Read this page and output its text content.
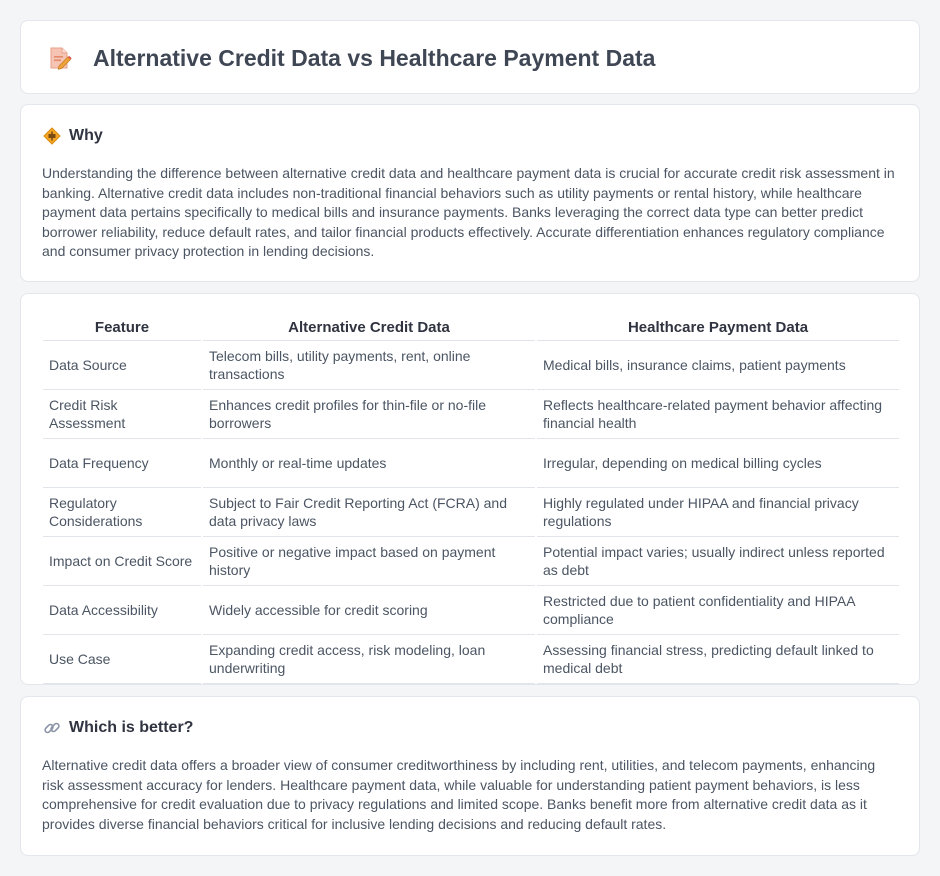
Alternative Credit Data vs Healthcare Payment Data
Why

Understanding the difference between alternative credit data and healthcare payment data is crucial for accurate credit risk assessment in banking. Alternative credit data includes non-traditional financial behaviors such as utility payments or rental history, while healthcare payment data pertains specifically to medical bills and insurance payments. Banks leveraging the correct data type can better predict borrower reliability, reduce default rates, and tailor financial products effectively. Accurate differentiation enhances regulatory compliance and consumer privacy protection in lending decisions.

Feature	Alternative Credit Data	Healthcare Payment Data
Data Source	Telecom bills, utility payments, rent, online transactions	Medical bills, insurance claims, patient payments
Credit Risk Assessment	Enhances credit profiles for thin-file or no-file borrowers	Reflects healthcare-related payment behavior affecting financial health
Data Frequency	Monthly or real-time updates	Irregular, depending on medical billing cycles
Regulatory Considerations	Subject to Fair Credit Reporting Act (FCRA) and data privacy laws	Highly regulated under HIPAA and financial privacy regulations
Impact on Credit Score	Positive or negative impact based on payment history	Potential impact varies; usually indirect unless reported as debt
Data Accessibility	Widely accessible for credit scoring	Restricted due to patient confidentiality and HIPAA compliance
Use Case	Expanding credit access, risk modeling, loan underwriting	Assessing financial stress, predicting default linked to medical debt
Which is better?

Alternative credit data offers a broader view of consumer creditworthiness by including rent, utilities, and telecom payments, enhancing risk assessment accuracy for lenders. Healthcare payment data, while valuable for understanding patient payment behaviors, is less comprehensive for credit evaluation due to privacy regulations and limited scope. Banks benefit more from alternative credit data as it provides diverse financial behaviors critical for inclusive lending decisions and reducing default rates.
